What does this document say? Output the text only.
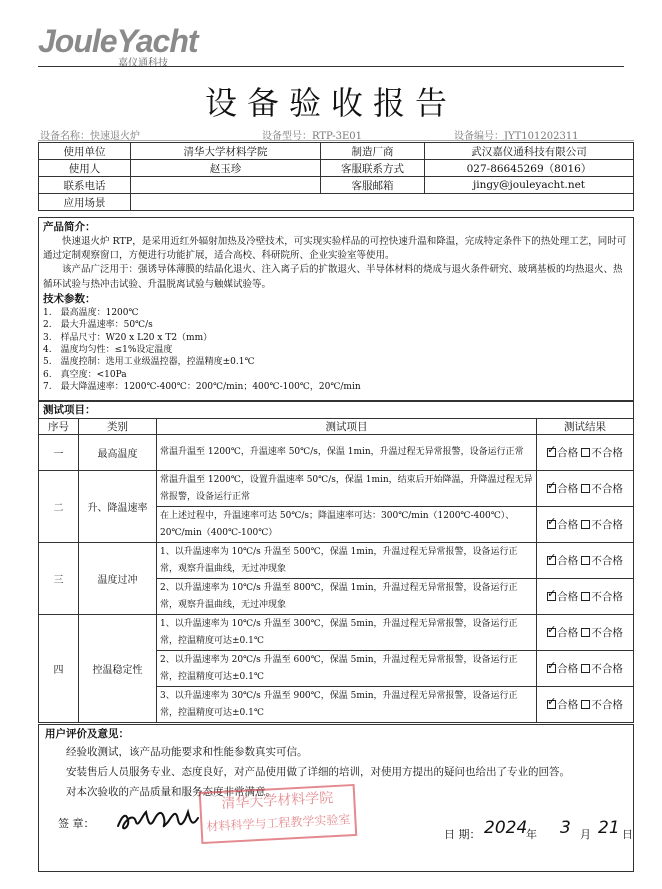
JouleYacht
嘉仪通科技
设备验收报告
设备名称：快速退火炉	设备型号：RTP-3E01	设备编号：JYT101202311
使用单位	清华大学材料学院	制造厂商	武汉嘉仪通科技有限公司
使用人	赵玉珍	客服联系方式	027-86645269（8016）
联系电话		客服邮箱	jingy@jouleyacht.net
应用场景			
产品简介：
快速退火炉 RTP，是采用近红外辐射加热及冷壁技术，可实现实验样品的可控快速升温和降温，完成特定条件下的热处理工艺，同时可通过定制观察窗口，方便进行功能扩展，适合高校、科研院所、企业实验室等使用。
该产品广泛用于：强诱导体薄膜的结晶化退火、注入离子后的扩散退火、半导体材料的烧成与退火条件研究、玻璃基板的均热退火、热循环试验与热冲击试验、升温脱离试验与触媒试验等。
技术参数：
1.　最高温度：1200℃
2.　最大升温速率：50℃/s
3.　样品尺寸：W20 x L20 x T2（mm）
4.　温度均匀性：≤1%设定温度
5.　温度控制：选用工业级温控器，控温精度±0.1℃
6.　真空度：<10Pa
7.　最大降温速率：1200℃-400℃：200℃/min；400℃-100℃，20℃/min
测试项目：
序号	类别	测试项目	测试结果
一	最高温度	常温升温至 1200℃，升温速率 50℃/s，保温 1min，升温过程无异常报警，设备运行正常	✓合格 不合格
二	升、降温速率	常温升温至 1200℃，设置升温速率 50℃/s，保温 1min，结束后开始降温，升降温过程无异常报警，设备运行正常	✓合格 不合格
		在上述过程中，升温速率可达 50℃/s；降温速率可达：300℃/min（1200℃-400℃）、20℃/min（400℃-100℃）	✓合格 不合格
三	温度过冲	1、以升温速率为 10℃/s 升温至 500℃，保温 1min，升温过程无异常报警，设备运行正常，观察升温曲线，无过冲现象	✓合格 不合格
		2、以升温速率为 10℃/s 升温至 800℃，保温 1min，升温过程无异常报警，设备运行正常，观察升温曲线，无过冲现象	✓合格 不合格
四	控温稳定性	1、以升温速率为 10℃/s 升温至 300℃，保温 5min，升温过程无异常报警，设备运行正常，控温精度可达±0.1℃	✓合格 不合格
		2、以升温速率为 20℃/s 升温至 600℃，保温 5min，升温过程无异常报警，设备运行正常，控温精度可达±0.1℃	✓合格 不合格
		3、以升温速率为 30℃/s 升温至 900℃，保温 5min，升温过程无异常报警，设备运行正常，控温精度可达±0.1℃	✓合格 不合格
用户评价及意见：
经验收测试，该产品功能要求和性能参数真实可信。
安装售后人员服务专业、态度良好，对产品使用做了详细的培训，对使用方提出的疑问也给出了专业的回答。
对本次验收的产品质量和服务态度非常满意。
清华大学材料学院
材料科学与工程教学实验室
签 章：
日 期： 2024
年 3 月 21 日
